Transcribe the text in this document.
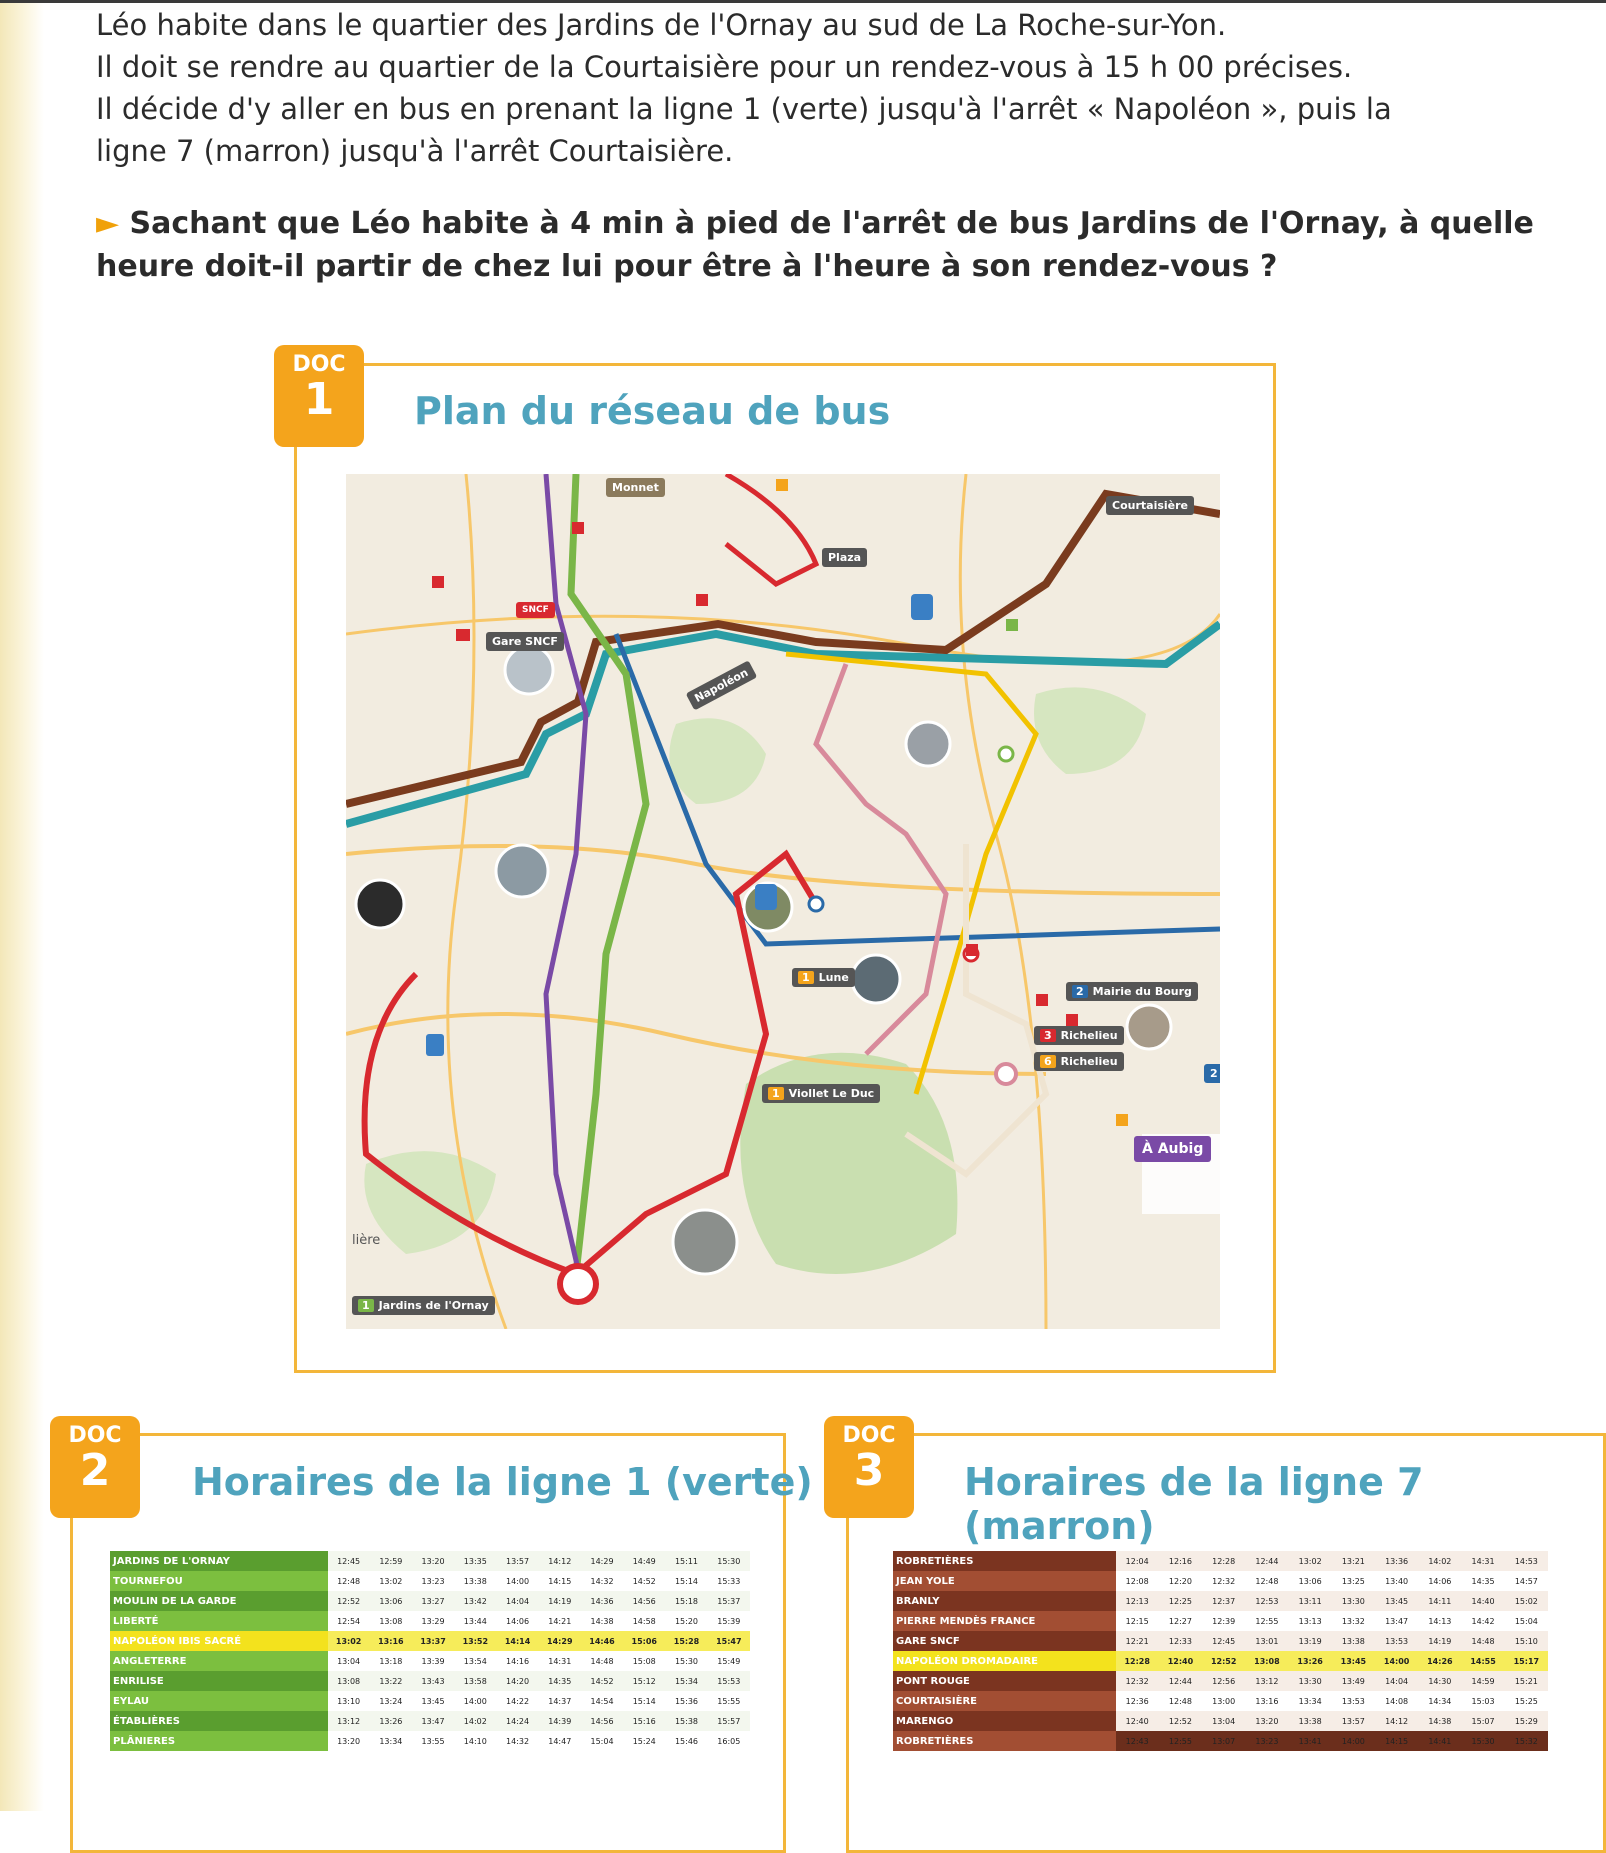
Léo habite dans le quartier des Jardins de l'Ornay au sud de La Roche-sur-Yon.

Il doit se rendre au quartier de la Courtaisière pour un rendez-vous à 15 h 00 précises.

Il décide d'y aller en bus en prenant la ligne 1 (verte) jusqu'à l'arrêt « Napoléon », puis la

ligne 7 (marron) jusqu'à l'arrêt Courtaisière.

► Sachant que Léo habite à 4 min à pied de l'arrêt de bus Jardins de l'Ornay, à quelle
heure doit-il partir de chez lui pour être à l'heure à son rendez-vous ?
DOC
1	Plan du réseau de bus
Courtaisière
Plaza
Monnet
SNCF
Gare SNCF
Napoléon
1 Lune
2 Mairie du Bourg
3 Richelieu
6 Richelieu
1 Viollet Le Duc
2
À Aubig
lière
1 Jardins de l'Ornay
DOC
2	Horaires de la ligne 1 (verte)
JARDINS DE L'ORNAY	12:45	12:59	13:20	13:35	13:57	14:12	14:29	14:49	15:11	15:30
TOURNEFOU	12:48	13:02	13:23	13:38	14:00	14:15	14:32	14:52	15:14	15:33
MOULIN DE LA GARDE	12:52	13:06	13:27	13:42	14:04	14:19	14:36	14:56	15:18	15:37
LIBERTÉ	12:54	13:08	13:29	13:44	14:06	14:21	14:38	14:58	15:20	15:39
NAPOLÉON IBIS SACRÉ	13:02	13:16	13:37	13:52	14:14	14:29	14:46	15:06	15:28	15:47
ANGLETERRE	13:04	13:18	13:39	13:54	14:16	14:31	14:48	15:08	15:30	15:49
ENRILISE	13:08	13:22	13:43	13:58	14:20	14:35	14:52	15:12	15:34	15:53
EYLAU	13:10	13:24	13:45	14:00	14:22	14:37	14:54	15:14	15:36	15:55
ÉTABLIÈRES	13:12	13:26	13:47	14:02	14:24	14:39	14:56	15:16	15:38	15:57
PLÂNIERES	13:20	13:34	13:55	14:10	14:32	14:47	15:04	15:24	15:46	16:05
DOC
3	Horaires de la ligne 7 (marron)
ROBRETIÈRES	12:04	12:16	12:28	12:44	13:02	13:21	13:36	14:02	14:31	14:53
JEAN YOLE	12:08	12:20	12:32	12:48	13:06	13:25	13:40	14:06	14:35	14:57
BRANLY	12:13	12:25	12:37	12:53	13:11	13:30	13:45	14:11	14:40	15:02
PIERRE MENDÈS FRANCE	12:15	12:27	12:39	12:55	13:13	13:32	13:47	14:13	14:42	15:04
GARE SNCF	12:21	12:33	12:45	13:01	13:19	13:38	13:53	14:19	14:48	15:10
NAPOLÉON DROMADAIRE	12:28	12:40	12:52	13:08	13:26	13:45	14:00	14:26	14:55	15:17
PONT ROUGE	12:32	12:44	12:56	13:12	13:30	13:49	14:04	14:30	14:59	15:21
COURTAISIÈRE	12:36	12:48	13:00	13:16	13:34	13:53	14:08	14:34	15:03	15:25
MARENGO	12:40	12:52	13:04	13:20	13:38	13:57	14:12	14:38	15:07	15:29
ROBRETIÈRES	12:43	12:55	13:07	13:23	13:41	14:00	14:15	14:41	15:30	15:32
